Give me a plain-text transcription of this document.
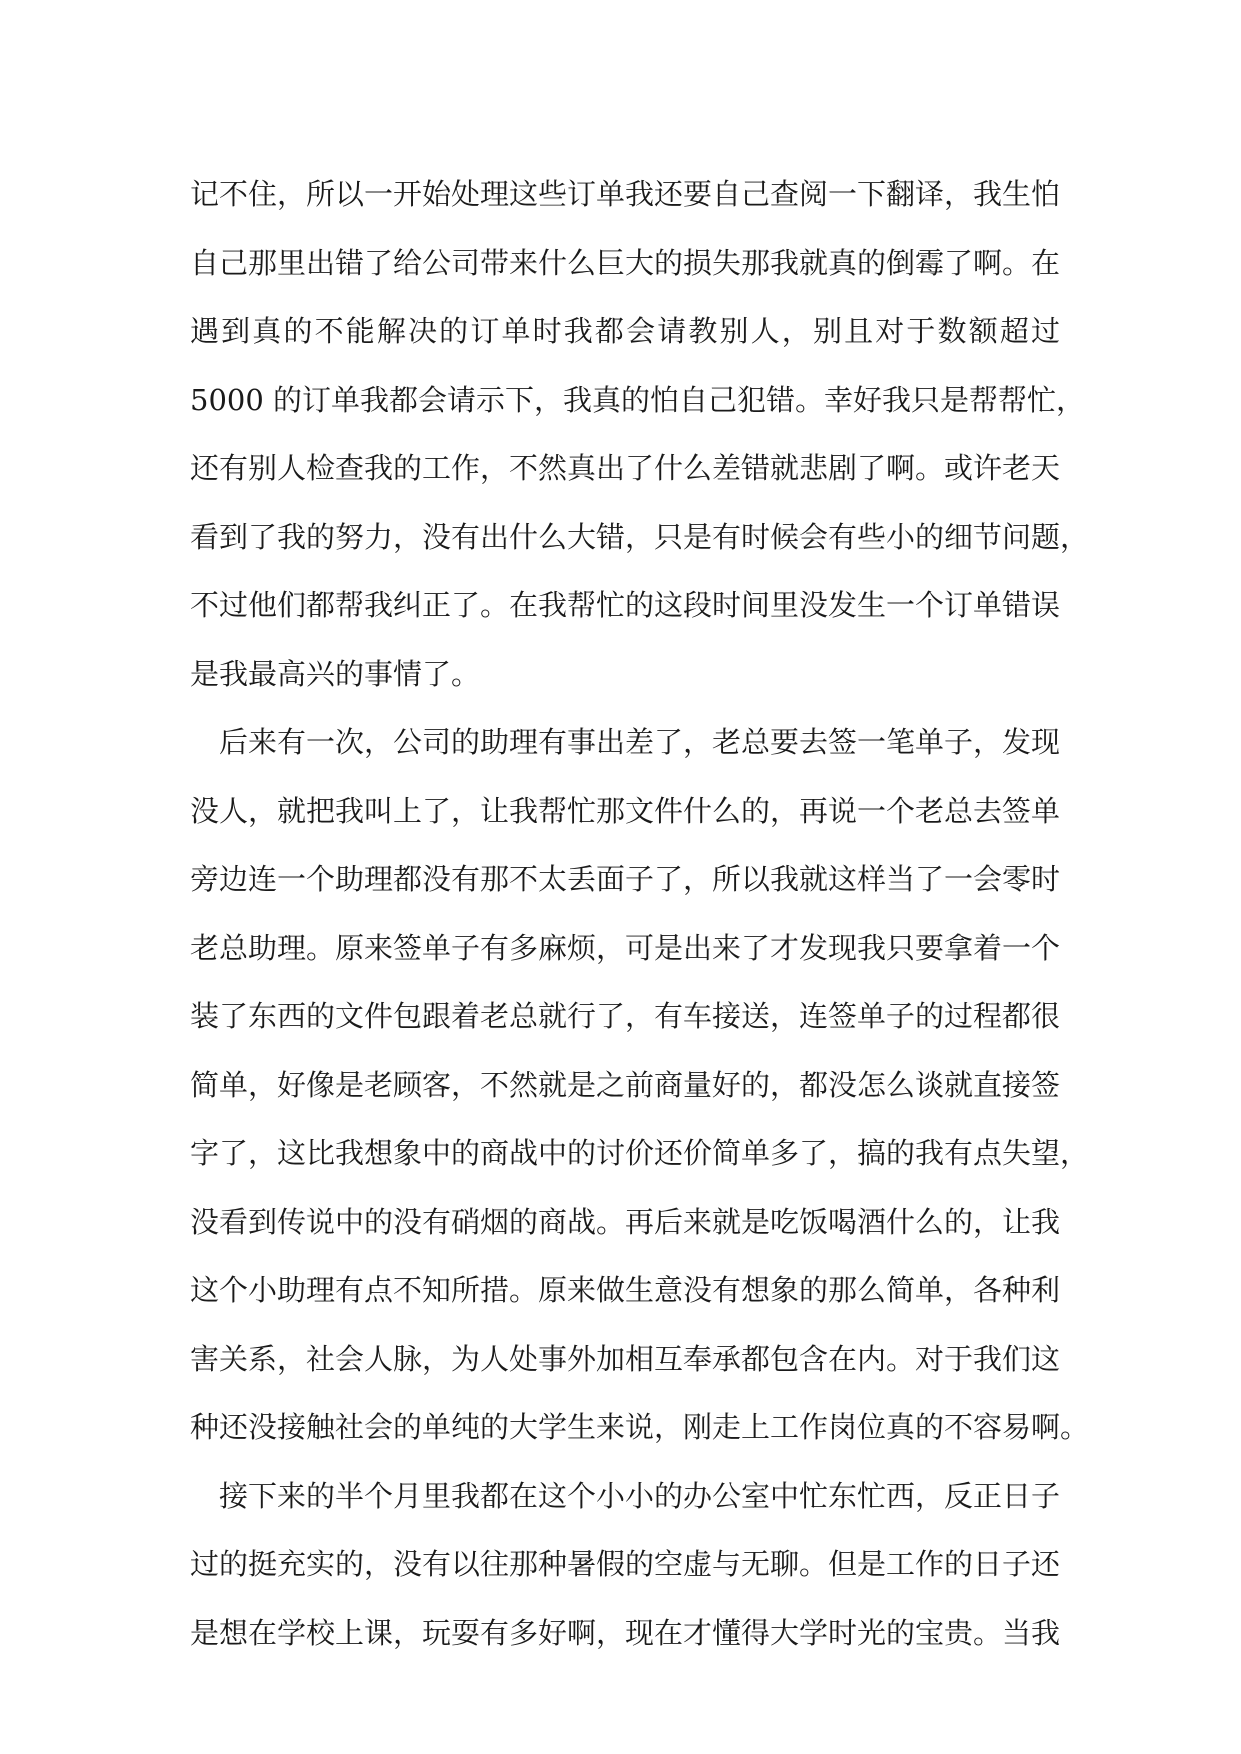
记不住，所以一开始处理这些订单我还要自己查阅一下翻译，我生怕
自己那里出错了给公司带来什么巨大的损失那我就真的倒霉了啊。在
遇到真的不能解决的订单时我都会请教别人，别且对于数额超过
5000 的订单我都会请示下，我真的怕自己犯错。幸好我只是帮帮忙，
还有别人检查我的工作，不然真出了什么差错就悲剧了啊。或许老天
看到了我的努力，没有出什么大错，只是有时候会有些小的细节问题，
不过他们都帮我纠正了。在我帮忙的这段时间里没发生一个订单错误
是我最高兴的事情了。
后来有一次，公司的助理有事出差了，老总要去签一笔单子，发现
没人，就把我叫上了，让我帮忙那文件什么的，再说一个老总去签单
旁边连一个助理都没有那不太丢面子了，所以我就这样当了一会零时
老总助理。原来签单子有多麻烦，可是出来了才发现我只要拿着一个
装了东西的文件包跟着老总就行了，有车接送，连签单子的过程都很
简单，好像是老顾客，不然就是之前商量好的，都没怎么谈就直接签
字了，这比我想象中的商战中的讨价还价简单多了，搞的我有点失望，
没看到传说中的没有硝烟的商战。再后来就是吃饭喝酒什么的，让我
这个小助理有点不知所措。原来做生意没有想象的那么简单，各种利
害关系，社会人脉，为人处事外加相互奉承都包含在内。对于我们这
种还没接触社会的单纯的大学生来说，刚走上工作岗位真的不容易啊。
接下来的半个月里我都在这个小小的办公室中忙东忙西，反正日子
过的挺充实的，没有以往那种暑假的空虚与无聊。但是工作的日子还
是想在学校上课，玩耍有多好啊，现在才懂得大学时光的宝贵。当我
